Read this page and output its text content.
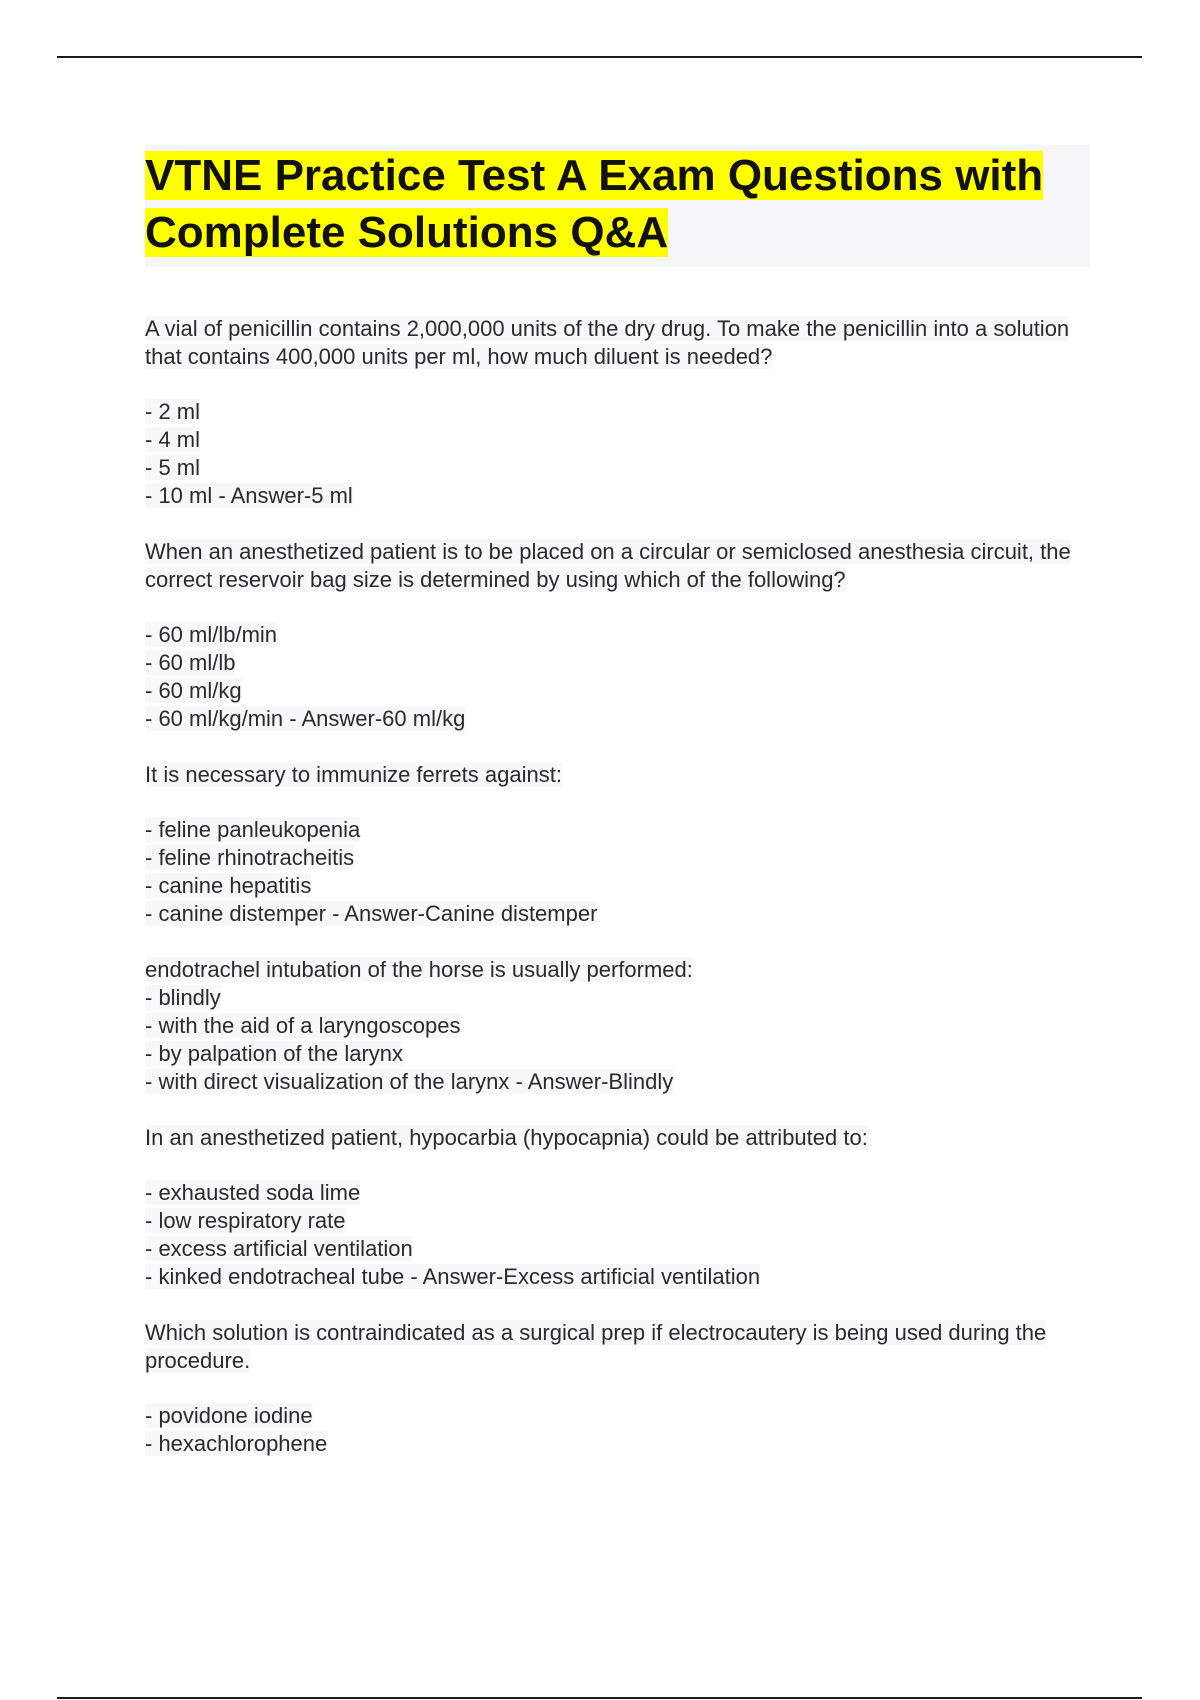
VTNE Practice Test A Exam Questions with Complete Solutions Q&A

A vial of penicillin contains 2,000,000 units of the dry drug. To make the penicillin into a solution that contains 400,000 units per ml, how much diluent is needed?

- 2 ml
- 4 ml
- 5 ml
- 10 ml - Answer-5 ml

When an anesthetized patient is to be placed on a circular or semiclosed anesthesia circuit, the correct reservoir bag size is determined by using which of the following?

- 60 ml/lb/min
- 60 ml/lb
- 60 ml/kg
- 60 ml/kg/min - Answer-60 ml/kg

It is necessary to immunize ferrets against:

- feline panleukopenia
- feline rhinotracheitis
- canine hepatitis
- canine distemper - Answer-Canine distemper

endotrachel intubation of the horse is usually performed:

- blindly
- with the aid of a laryngoscopes
- by palpation of the larynx
- with direct visualization of the larynx - Answer-Blindly

In an anesthetized patient, hypocarbia (hypocapnia) could be attributed to:

- exhausted soda lime
- low respiratory rate
- excess artificial ventilation
- kinked endotracheal tube - Answer-Excess artificial ventilation

Which solution is contraindicated as a surgical prep if electrocautery is being used during the procedure.

- povidone iodine
- hexachlorophene
